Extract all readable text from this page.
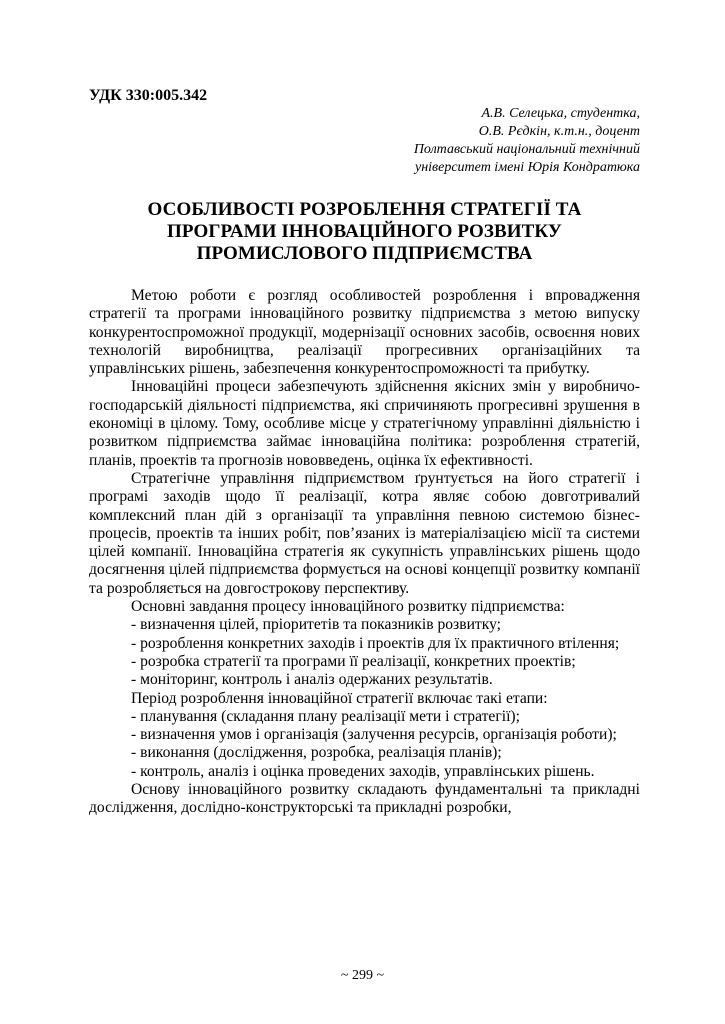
УДК 330:005.342

А.В. Селецька, студентка,
О.В. Рєдкін, к.т.н., доцент
Полтавський національний технічний
університет імені Юрія Кондратюка
ОСОБЛИВОСТІ РОЗРОБЛЕННЯ СТРАТЕГІЇ ТА
ПРОГРАМИ ІННОВАЦІЙНОГО РОЗВИТКУ
ПРОМИСЛОВОГО ПІДПРИЄМСТВА

Метою роботи є розгляд особливостей розроблення і впровадження стратегії та програми інноваційного розвитку підприємства з метою випуску конкурентоспроможної продукції, модернізації основних засобів, освоєння нових технологій виробництва, реалізації прогресивних організаційних та управлінських рішень, забезпечення конкурентоспроможності та прибутку.

Інноваційні процеси забезпечують здійснення якісних змін у виробничо-господарській діяльності підприємства, які спричиняють прогресивні зрушення в економіці в цілому. Тому, особливе місце у стратегічному управлінні діяльністю і розвитком підприємства займає інноваційна політика: розроблення стратегій, планів, проектів та прогнозів нововведень, оцінка їх ефективності.

Стратегічне управління підприємством ґрунтується на його стратегії і програмі заходів щодо її реалізації, котра являє собою довготривалий комплексний план дій з організації та управління певною системою бізнес-процесів, проектів та інших робіт, пов’язаних із матеріалізацією місії та системи цілей компанії. Інноваційна стратегія як сукупність управлінських рішень щодо досягнення цілей підприємства формується на основі концепції розвитку компанії та розробляється на довгострокову перспективу.

Основні завдання процесу інноваційного розвитку підприємства:

- визначення цілей, пріоритетів та показників розвитку;

- розроблення конкретних заходів і проектів для їх практичного втілення;

- розробка стратегії та програми її реалізації, конкретних проектів;

- моніторинг, контроль і аналіз одержаних результатів.

Період розроблення інноваційної стратегії включає такі етапи:

- планування (складання плану реалізації мети і стратегії);

- визначення умов і організація (залучення ресурсів, організація роботи);

- виконання (дослідження, розробка, реалізація планів);

- контроль, аналіз і оцінка проведених заходів, управлінських рішень.

Основу інноваційного розвитку складають фундаментальні та прикладні дослідження, дослідно-конструкторські та прикладні розробки,

~ 299 ~
